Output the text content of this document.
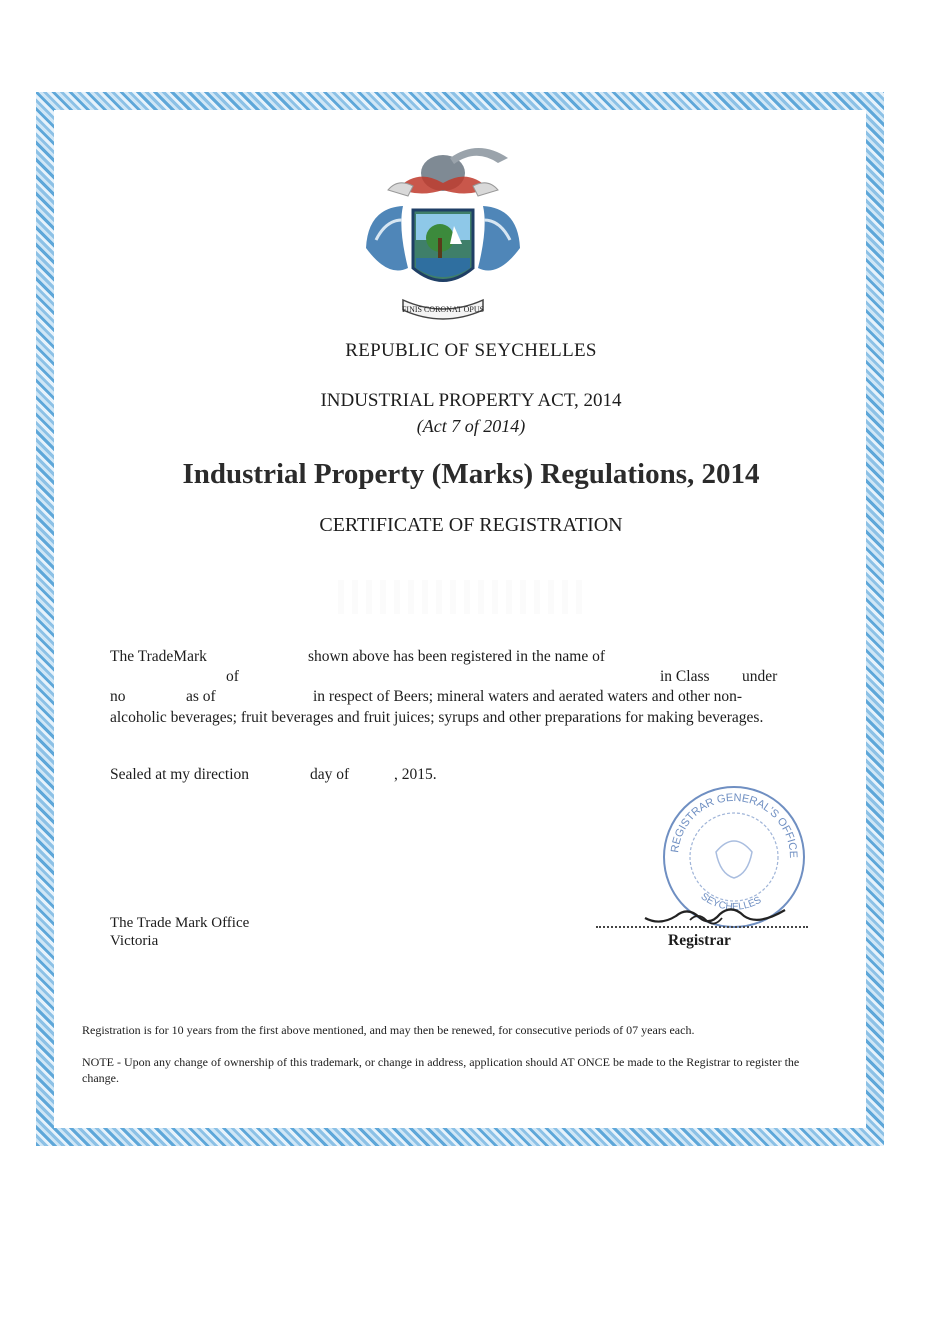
FINIS CORONAT OPUS
REPUBLIC OF SEYCHELLES
INDUSTRIAL PROPERTY ACT, 2014
(Act 7 of 2014)
Industrial Property (Marks) Regulations, 2014
CERTIFICATE OF REGISTRATION
The TradeMark	shown above has been registered in the name of
of	in Class under
no	as of	in respect of Beers; mineral waters and aerated waters and other non-
alcoholic beverages; fruit beverages and fruit juices; syrups and other preparations for making beverages.
Sealed at my direction	day of	, 2015.
REGISTRAR GENERAL'S OFFICE
SEYCHELLES
Registrar
The Trade Mark Office
Victoria
Registration is for 10 years from the first above mentioned, and may then be renewed, for consecutive periods of 07 years each.
NOTE - Upon any change of ownership of this trademark, or change in address, application should AT ONCE be made to the Registrar to register the change.
